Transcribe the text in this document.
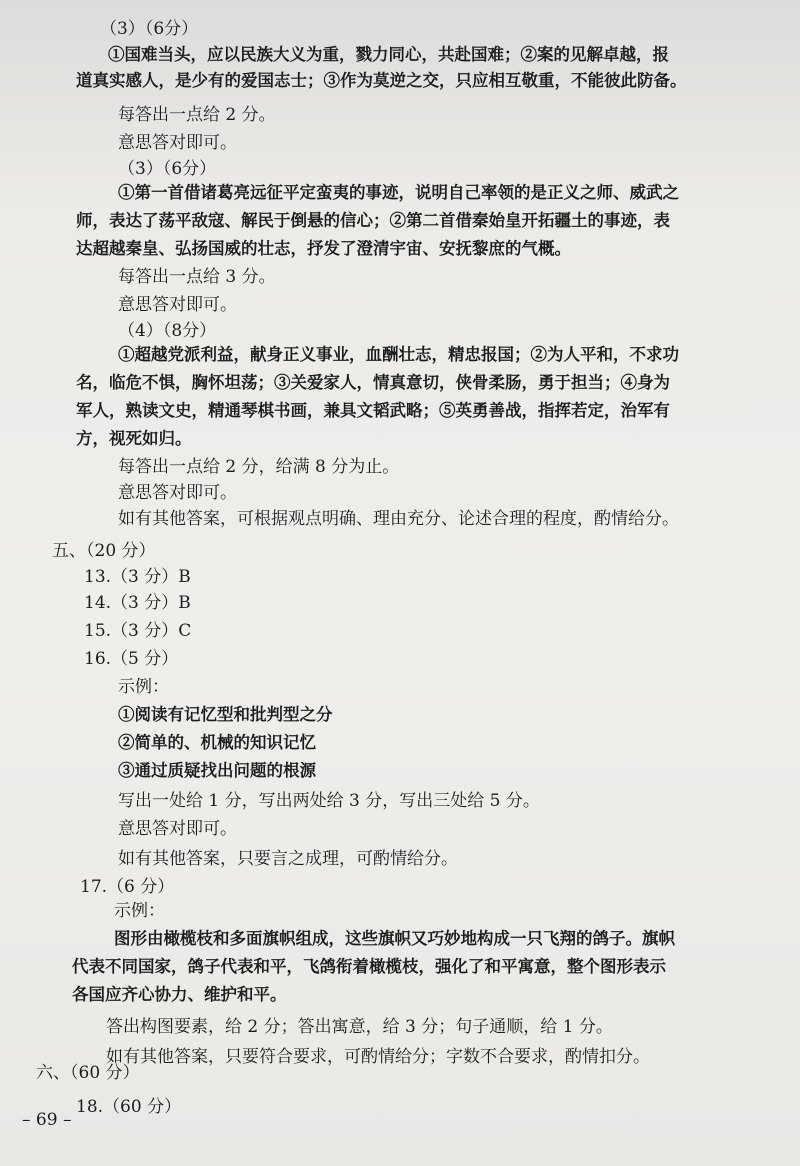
（3）（6分）
①国难当头，应以民族大义为重，戮力同心，共赴国难；②案的见解卓越，报
道真实感人，是少有的爱国志士；③作为莫逆之交，只应相互敬重，不能彼此防备。
每答出一点给 2 分。
意思答对即可。
（3）（6分）
①第一首借诸葛亮远征平定蛮夷的事迹，说明自己率领的是正义之师、威武之
师，表达了荡平敌寇、解民于倒悬的信心；②第二首借秦始皇开拓疆土的事迹，表
达超越秦皇、弘扬国威的壮志，抒发了澄清宇宙、安抚黎庶的气概。
每答出一点给 3 分。
意思答对即可。
（4）（8分）
①超越党派利益，献身正义事业，血酬壮志，精忠报国；②为人平和，不求功
名，临危不惧，胸怀坦荡；③关爱家人，情真意切，侠骨柔肠，勇于担当；④身为
军人，熟读文史，精通琴棋书画，兼具文韬武略；⑤英勇善战，指挥若定，治军有
方，视死如归。
每答出一点给 2 分，给满 8 分为止。
意思答对即可。
如有其他答案，可根据观点明确、理由充分、论述合理的程度，酌情给分。
五、（20 分）
13.（3 分）B
14.（3 分）B
15.（3 分）C
16.（5 分）
示例：
①阅读有记忆型和批判型之分
②简单的、机械的知识记忆
③通过质疑找出问题的根源
写出一处给 1 分，写出两处给 3 分，写出三处给 5 分。
意思答对即可。
如有其他答案，只要言之成理，可酌情给分。
17.（6 分）
示例：
图形由橄榄枝和多面旗帜组成，这些旗帜又巧妙地构成一只飞翔的鸽子。旗帜
代表不同国家，鸽子代表和平，飞鸽衔着橄榄枝，强化了和平寓意，整个图形表示
各国应齐心协力、维护和平。
答出构图要素，给 2 分；答出寓意，给 3 分；句子通顺，给 1 分。
如有其他答案，只要符合要求，可酌情给分；字数不合要求，酌情扣分。
六、（60 分）
18.（60 分）
– 69 –
